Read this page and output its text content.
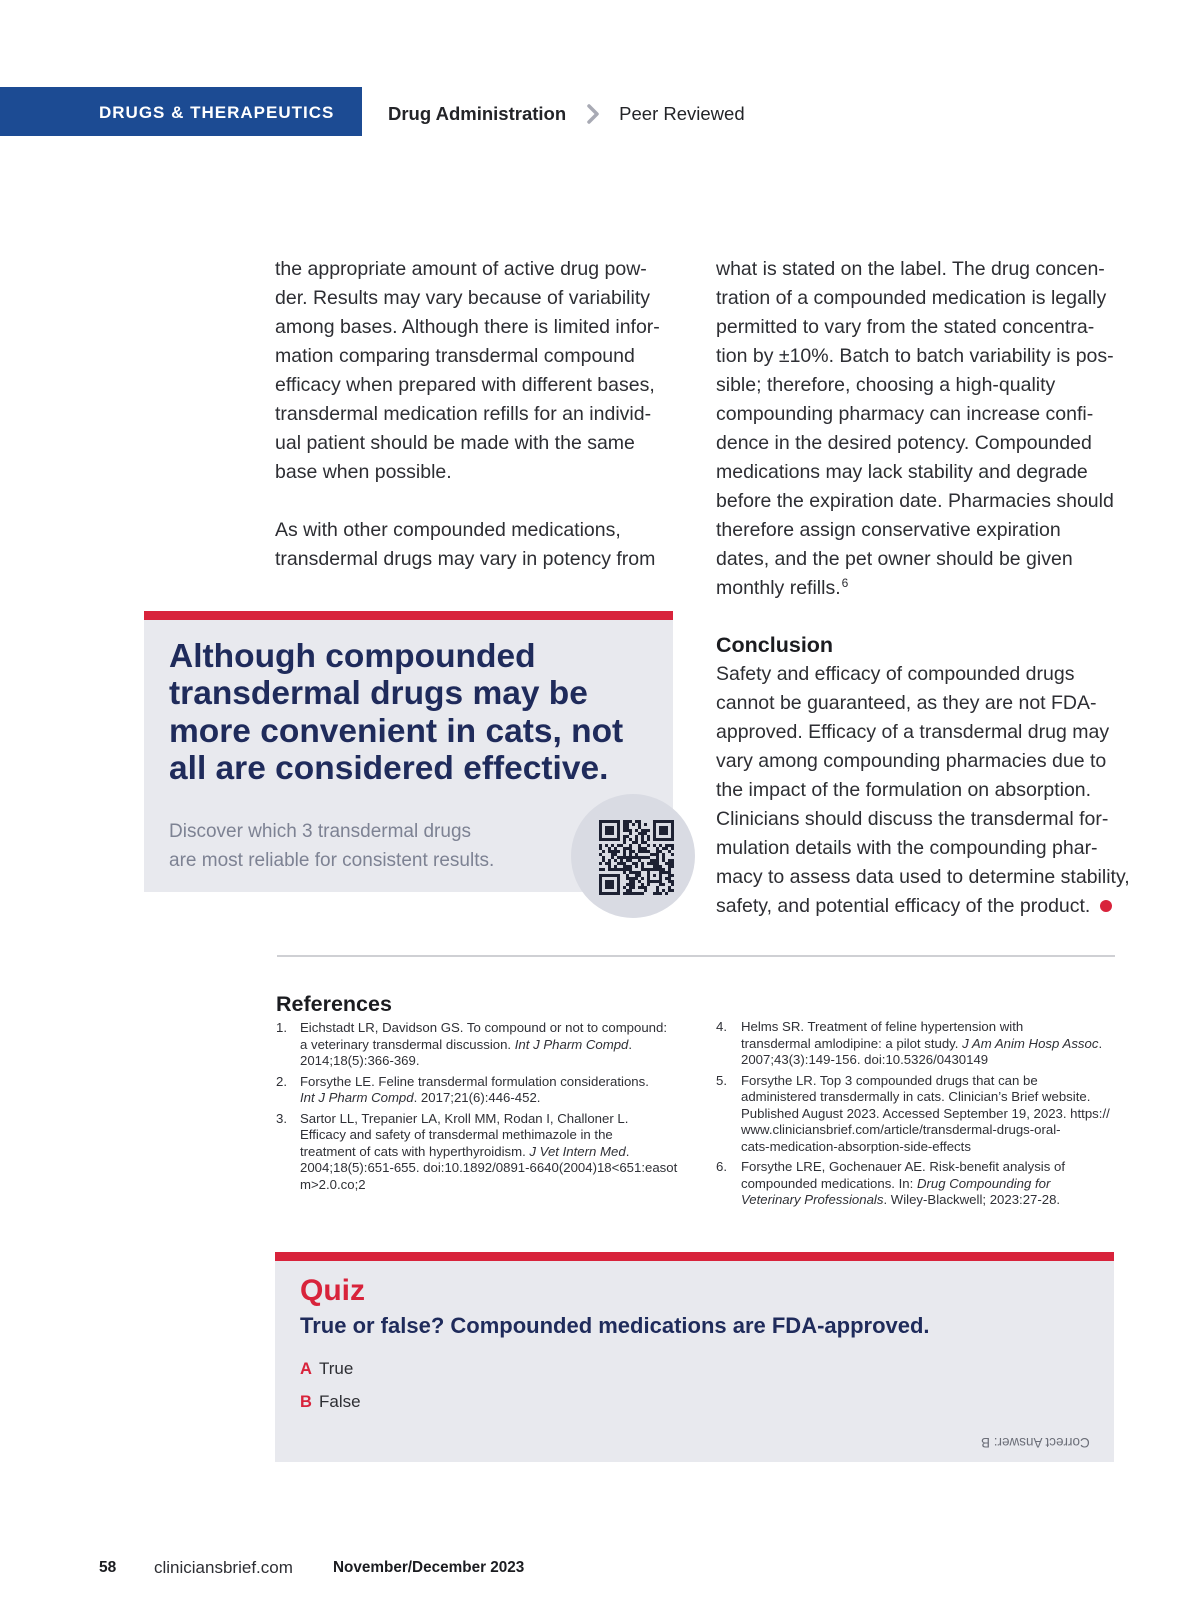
DRUGS & THERAPEUTICS	Drug Administration	Peer Reviewed
the appropriate amount of active drug pow-
der. Results may vary because of variability
among bases. Although there is limited infor-
mation comparing transdermal compound
efficacy when prepared with different bases,
transdermal medication refills for an individ-
ual patient should be made with the same
base when possible.
As with other compounded medications,
transdermal drugs may vary in potency from
what is stated on the label. The drug concen-
tration of a compounded medication is legally
permitted to vary from the stated concentra-
tion by ±10%. Batch to batch variability is pos-
sible; therefore, choosing a high-quality
compounding pharmacy can increase confi-
dence in the desired potency. Compounded
medications may lack stability and degrade
before the expiration date. Pharmacies should
therefore assign conservative expiration
dates, and the pet owner should be given
monthly refills.$^6$
Conclusion
Safety and efficacy of compounded drugs
cannot be guaranteed, as they are not FDA-
approved. Efficacy of a transdermal drug may
vary among compounding pharmacies due to
the impact of the formulation on absorption.
Clinicians should discuss the transdermal for-
mulation details with the compounding phar-
macy to assess data used to determine stability,
safety, and potential efficacy of the product.
Although compounded
transdermal drugs may be
more convenient in cats, not
all are considered effective.
Discover which 3 transdermal drugs
are most reliable for consistent results.
References
1. Eichstadt LR, Davidson GS. To compound or not to compound:
a veterinary transdermal discussion. Int J Pharm Compd.
2014;18(5):366-369.
2. Forsythe LE. Feline transdermal formulation considerations.
Int J Pharm Compd. 2017;21(6):446-452.
3. Sartor LL, Trepanier LA, Kroll MM, Rodan I, Challoner L.
Efficacy and safety of transdermal methimazole in the
treatment of cats with hyperthyroidism. J Vet Intern Med.
2004;18(5):651-655. doi:10.1892/0891-6640(2004)18<651:easot
m>2.0.co;2
4.	Helms SR. Treatment of feline hypertension with
transdermal amlodipine: a pilot study. J Am Anim Hosp Assoc.
2007;43(3):149-156. doi:10.5326/0430149
5.	Forsythe LR. Top 3 compounded drugs that can be
administered transdermally in cats. Clinician’s Brief website.
Published August 2023. Accessed September 19, 2023. https://
www.cliniciansbrief.com/article/transdermal-drugs-oral-
cats-medication-absorption-side-effects
6.	Forsythe LRE, Gochenauer AE. Risk-benefit analysis of
compounded medications. In: Drug Compounding for
Veterinary Professionals. Wiley-Blackwell; 2023:27-28.
Quiz
True or false? Compounded medications are FDA-approved.
A True
B False
Correct Answer: B
58 cliniciansbrief.com	November/December 2023
